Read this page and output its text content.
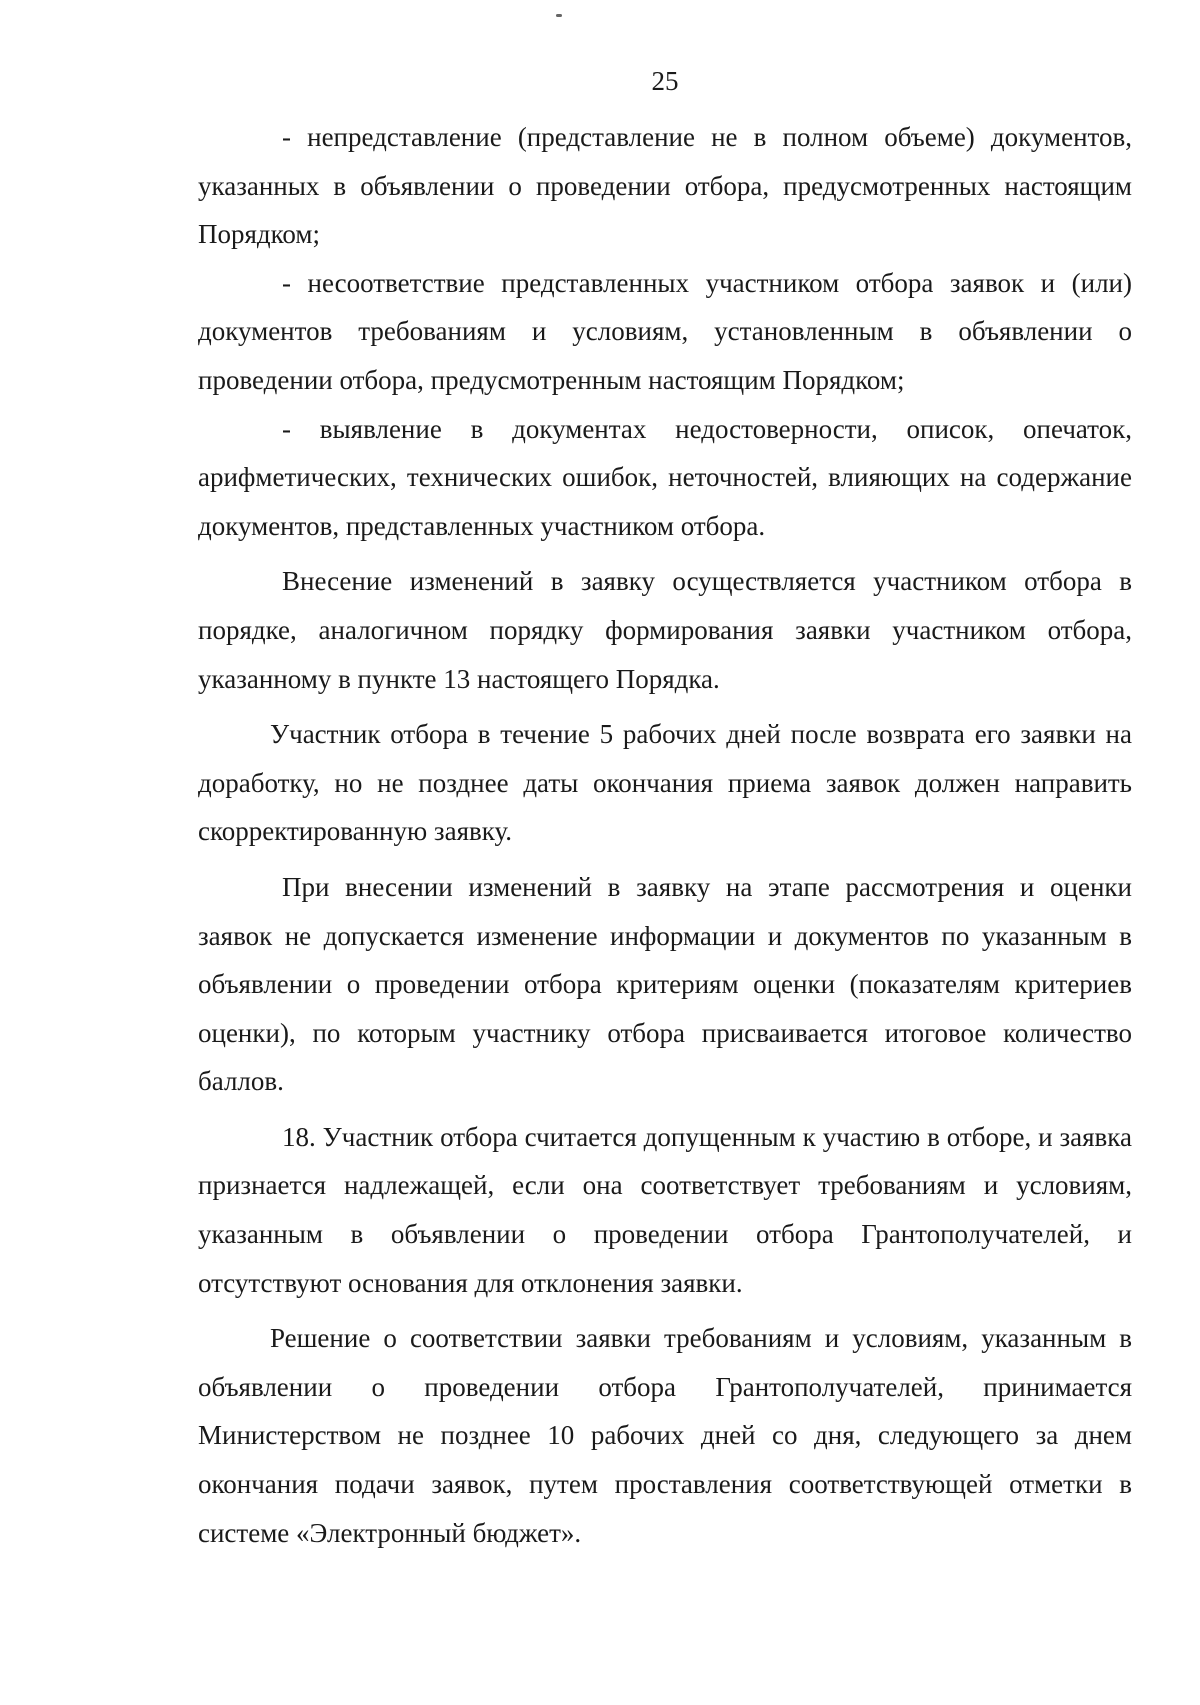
25

- непредставление (представление не в полном объеме) документов, указанных в объявлении о проведении отбора, предусмотренных настоящим Порядком;

- несоответствие представленных участником отбора заявок и (или) документов требованиям и условиям, установленным в объявлении о проведении отбора, предусмотренным настоящим Порядком;

- выявление в документах недостоверности, описок, опечаток, арифметических, технических ошибок, неточностей, влияющих на содержание документов, представленных участником отбора.

Внесение изменений в заявку осуществляется участником отбора в порядке, аналогичном порядку формирования заявки участником отбора, указанному в пункте 13 настоящего Порядка.

Участник отбора в течение 5 рабочих дней после возврата его заявки на доработку, но не позднее даты окончания приема заявок должен направить скорректированную заявку.

При внесении изменений в заявку на этапе рассмотрения и оценки заявок не допускается изменение информации и документов по указанным в объявлении о проведении отбора критериям оценки (показателям критериев оценки), по которым участнику отбора присваивается итоговое количество баллов.

18. Участник отбора считается допущенным к участию в отборе, и заявка признается надлежащей, если она соответствует требованиям и условиям, указанным в объявлении о проведении отбора Грантополучателей, и отсутствуют основания для отклонения заявки.

Решение о соответствии заявки требованиям и условиям, указанным в объявлении о проведении отбора Грантополучателей, принимается Министерством не позднее 10 рабочих дней со дня, следующего за днем окончания подачи заявок, путем проставления соответствующей отметки в системе «Электронный бюджет».
